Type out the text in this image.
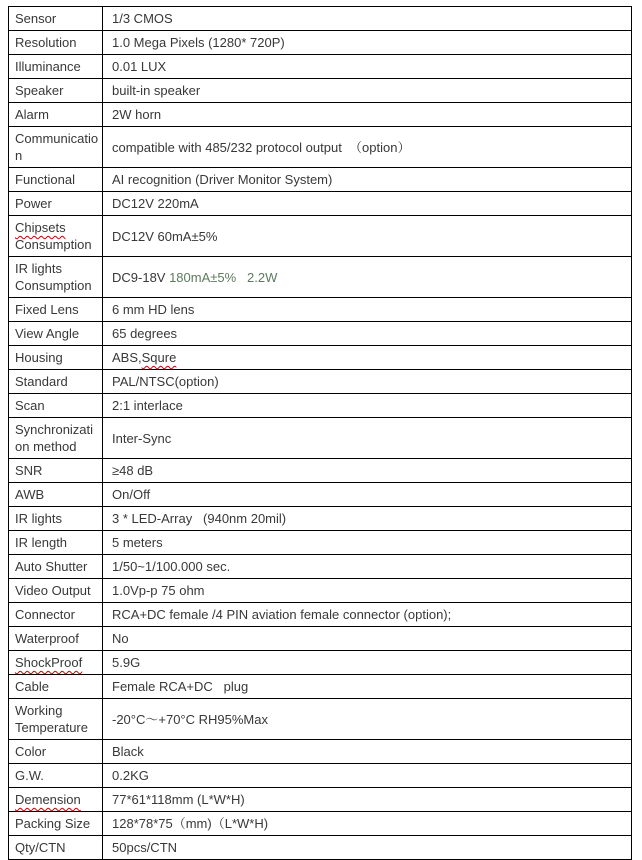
Sensor	1/3 CMOS
Resolution	1.0 Mega Pixels (1280* 720P)
Illuminance	0.01 LUX
Speaker	built-in speaker
Alarm	2W horn
Communication	compatible with 485/232 protocol output  （option）
Functional	AI recognition (Driver Monitor System)
Power	DC12V 220mA
Chipsets Consumption	DC12V 60mA±5%
IR lights Consumption	DC9-18V 180mA±5%   2.2W
Fixed Lens	6 mm HD lens
View Angle	65 degrees
Housing	ABS,Squre
Standard	PAL/NTSC(option)
Scan	2:1 interlace
Synchronization method	Inter-Sync
SNR	≥48 dB
AWB	On/Off
IR lights	3 * LED-Array   (940nm 20mil)
IR length	5 meters
Auto Shutter	1/50~1/100.000 sec.
Video Output	1.0Vp-p 75 ohm
Connector	RCA+DC female /4 PIN aviation female connector (option);
Waterproof	No
ShockProof	5.9G
Cable	Female RCA+DC   plug
Working Temperature	-20°C～+70°C RH95%Max
Color	Black
G.W.	0.2KG
Demension	77*61*118mm (L*W*H)
Packing Size	128*78*75（mm)（L*W*H)
Qty/CTN	50pcs/CTN
